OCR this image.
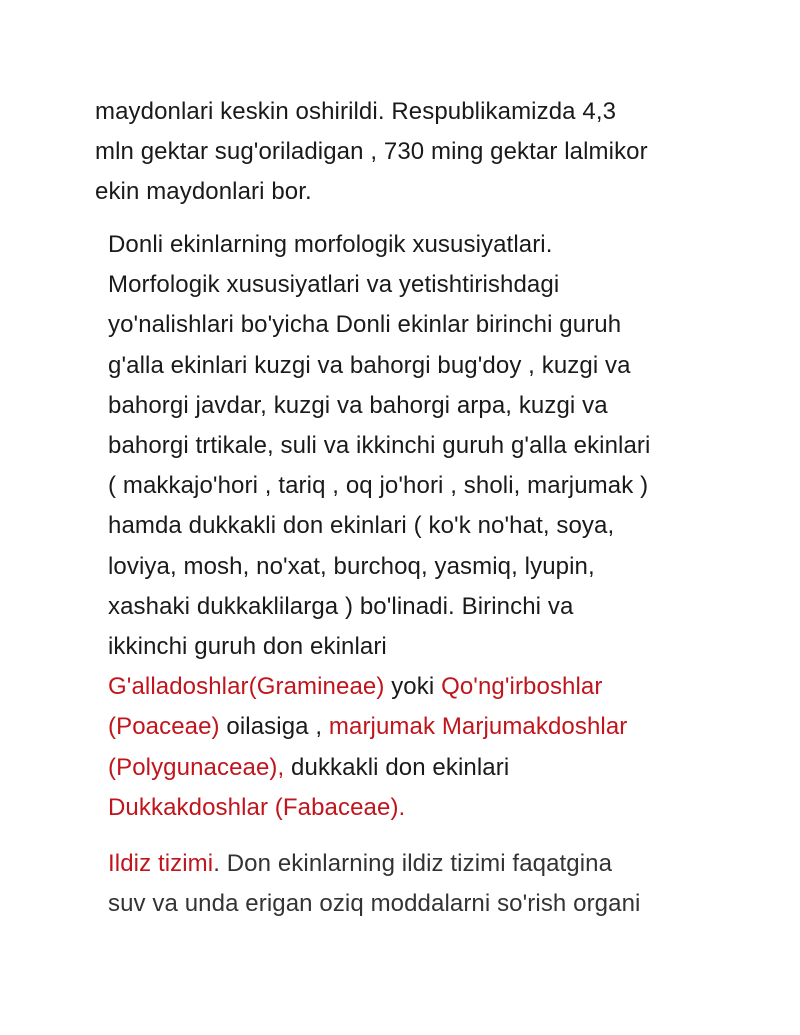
maydonlari keskin oshirildi. Respublikamizda 4,3
mln gektar sug'oriladigan , 730 ming gektar lalmikor
ekin maydonlari bor.
Donli ekinlarning morfologik xususiyatlari.
Morfologik xususiyatlari va yetishtirishdagi
yo'nalishlari bo'yicha Donli ekinlar birinchi guruh
g'alla ekinlari kuzgi va bahorgi bug'doy , kuzgi va
bahorgi javdar, kuzgi va bahorgi arpa, kuzgi va
bahorgi trtikale, suli va ikkinchi guruh g'alla ekinlari
( makkajo'hori , tariq , oq jo'hori , sholi, marjumak )
hamda dukkakli don ekinlari ( ko'k no'hat, soya,
loviya, mosh, no'xat, burchoq, yasmiq, lyupin,
xashaki dukkaklilarga ) bo'linadi. Birinchi va
ikkinchi guruh don ekinlari
G'alladoshlar(Gramineae) yoki Qo'ng'irboshlar
(Poaceae) oilasiga , marjumak Marjumakdoshlar
(Polygunaceae), dukkakli don ekinlari
Dukkakdoshlar (Fabaceae).
Ildiz tizimi. Don ekinlarning ildiz tizimi faqatgina
suv va unda erigan oziq moddalarni so'rish organi
